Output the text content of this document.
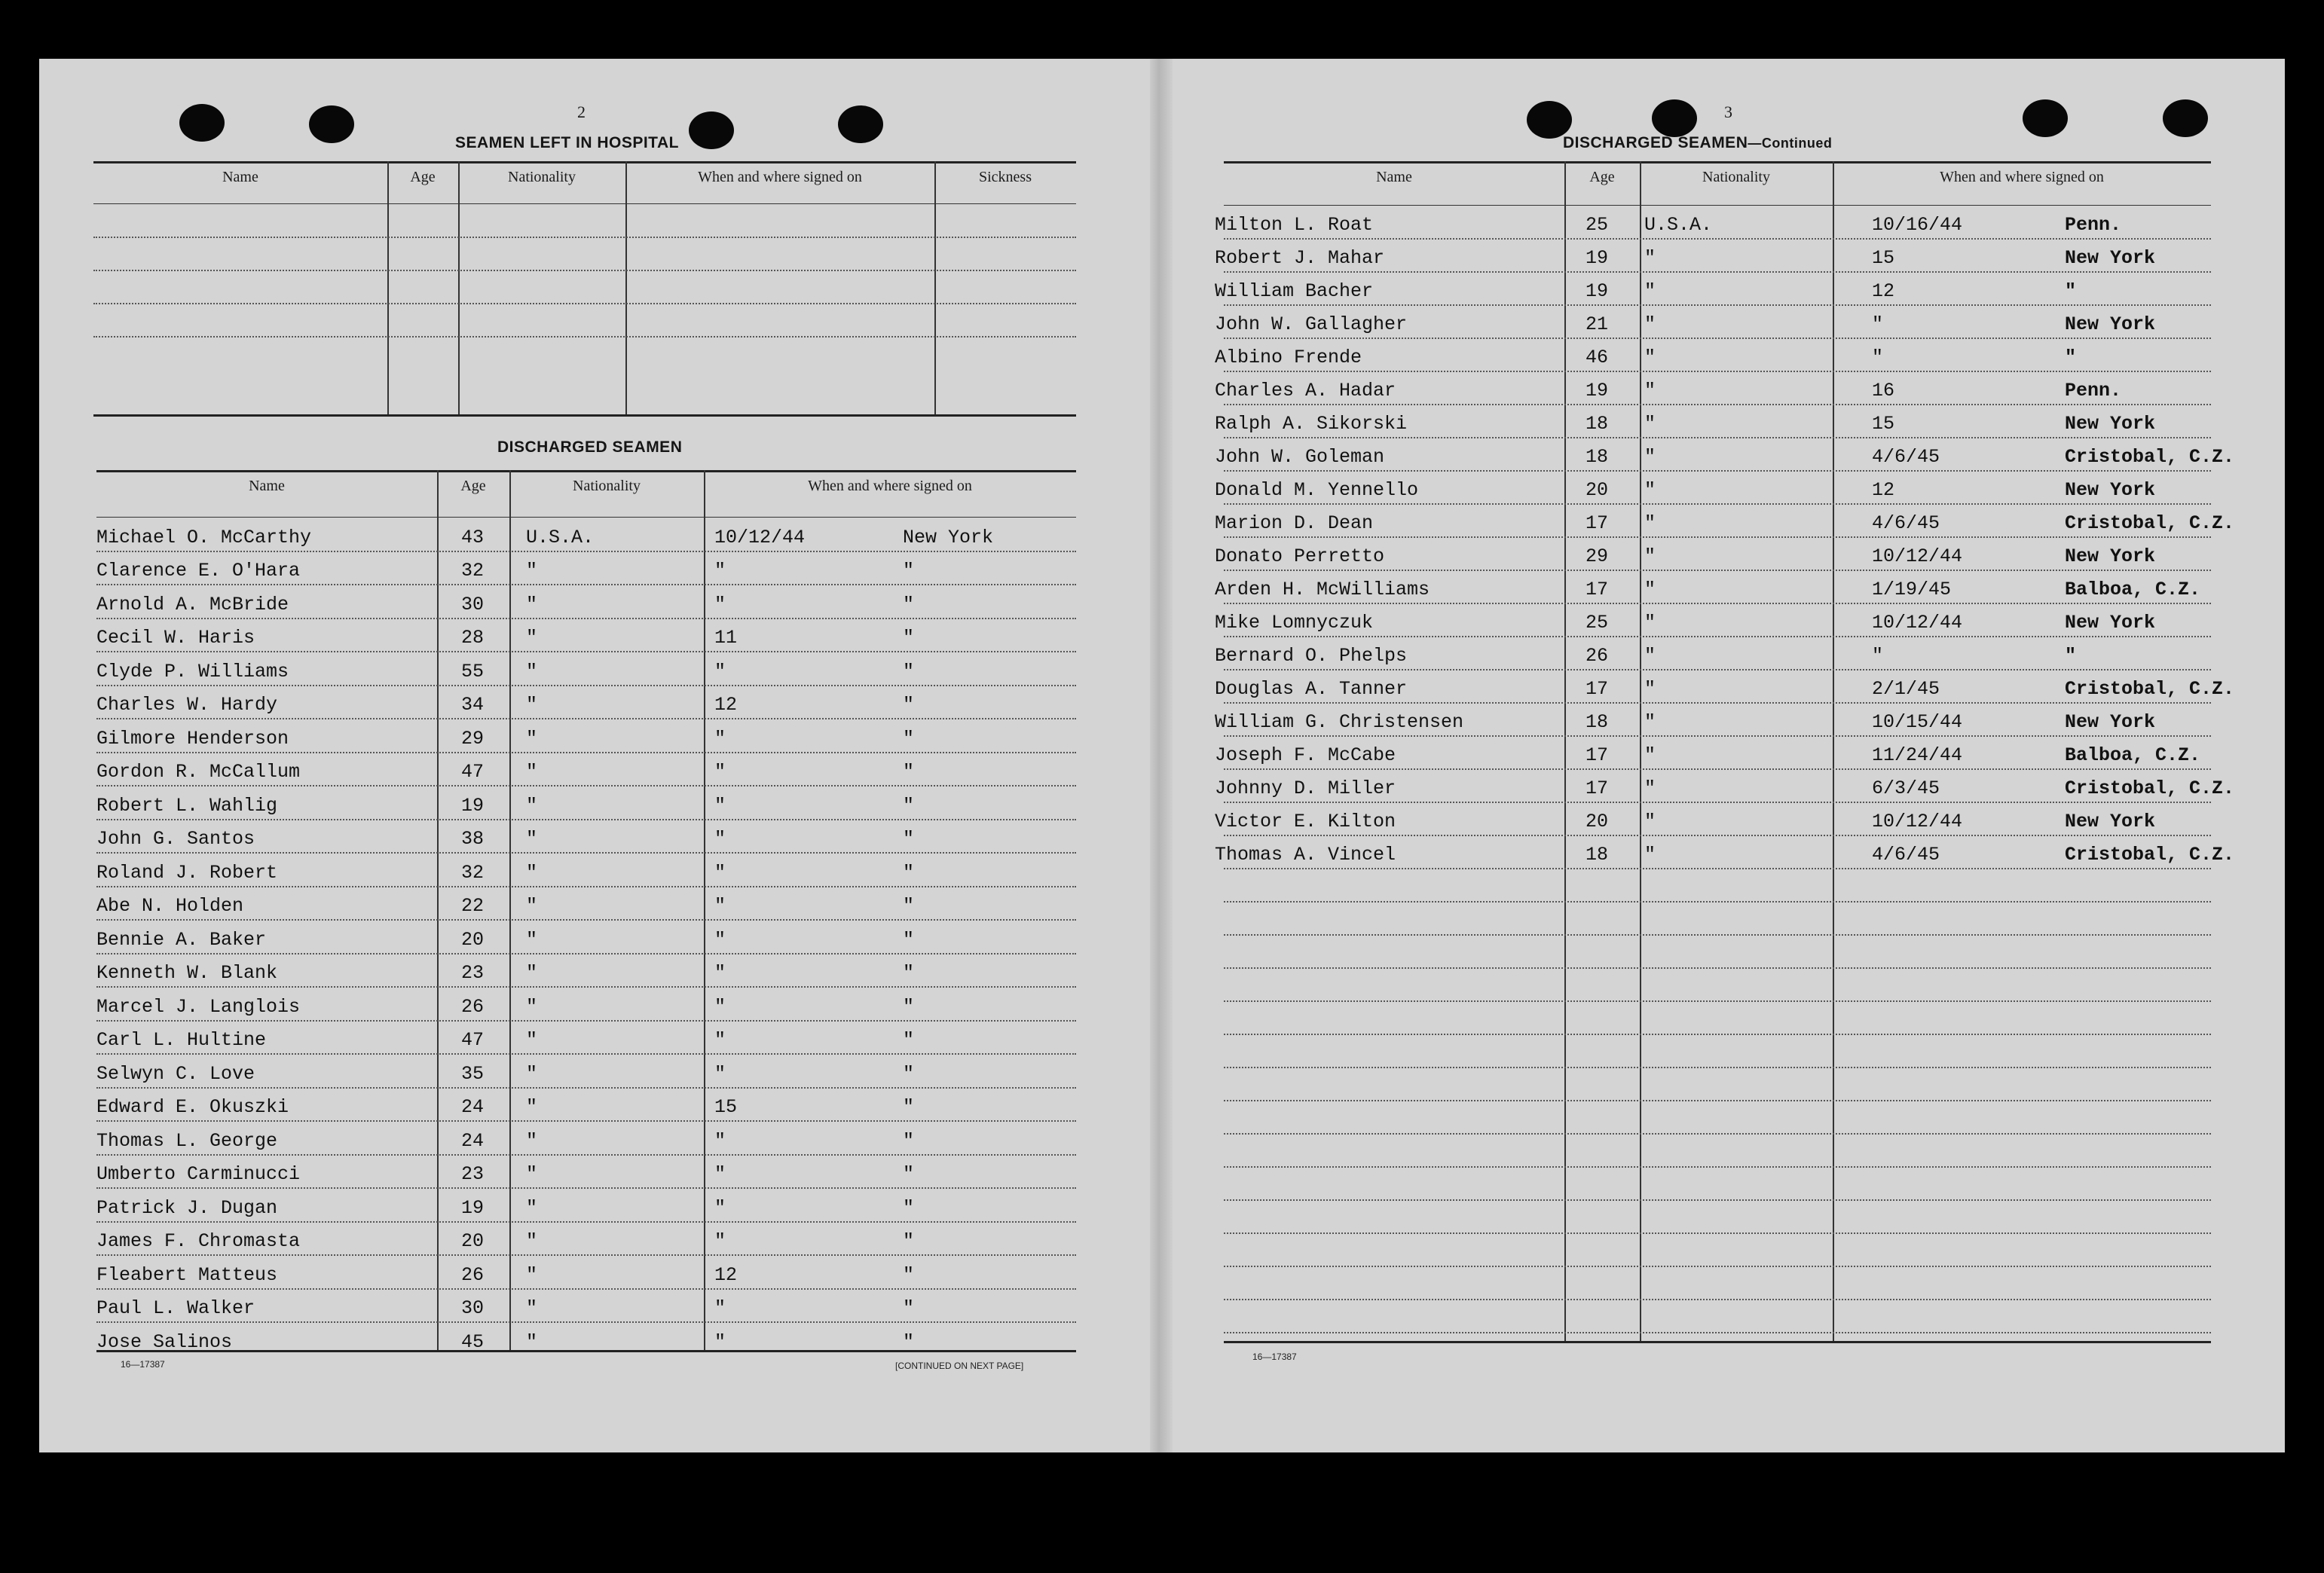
2
SEAMEN LEFT IN HOSPITAL
Name	Age	Nationality	When and where signed on	Sickness
DISCHARGED SEAMEN
Name	Age	Nationality	When and where signed on
Michael O. McCarthy	43 U.S.A.	10/12/44	New York
Clarence E. O'Hara	32 "	"	"
Arnold A. McBride	30 "	"	"
Cecil W. Haris	28 "	11	"
Clyde P. Williams	55 "	"	"
Charles W. Hardy	34 "	12	"
Gilmore Henderson	29 "	"	"
Gordon R. McCallum	47 "	"	"
Robert L. Wahlig	19 "	"	"
John G. Santos	38 "	"	"
Roland J. Robert	32 "	"	"
Abe N. Holden	22 "	"	"
Bennie A. Baker	20 "	"	"
Kenneth W. Blank	23 "	"	"
Marcel J. Langlois	26 "	"	"
Carl L. Hultine	47 "	"	"
Selwyn C. Love	35 "	"	"
Edward E. Okuszki	24 "	15	"
Thomas L. George	24 "	"	"
Umberto Carminucci	23 "	"	"
Patrick J. Dugan	19 "	"	"
James F. Chromasta	20 "	"	"
Fleabert Matteus	26 "	12	"
Paul L. Walker	30 "	"	"
Jose Salinos	45 "	"	"
16—17387	[CONTINUED ON NEXT PAGE]
3
DISCHARGED SEAMEN—Continued
Name	Age	Nationality	When and where signed on
Milton L. Roat	25 U.S.A.	10/16/44	Penn.
Robert J. Mahar	19 "	15	New York
William Bacher	19 "	12	"
John W. Gallagher	21 "	"	New York
Albino Frende	46 "	"	"
Charles A. Hadar	19 "	16	Penn.
Ralph A. Sikorski	18 "	15	New York
John W. Goleman	18 "	4/6/45	Cristobal, C.Z.
Donald M. Yennello	20 "	12	New York
Marion D. Dean	17 "	4/6/45	Cristobal, C.Z.
Donato Perretto	29 "	10/12/44	New York
Arden H. McWilliams	17 "	1/19/45	Balboa, C.Z.
Mike Lomnyczuk	25 "	10/12/44	New York
Bernard O. Phelps	26 "	"	"
Douglas A. Tanner	17 "	2/1/45	Cristobal, C.Z.
William G. Christensen	18 "	10/15/44	New York
Joseph F. McCabe	17 "	11/24/44	Balboa, C.Z.
Johnny D. Miller	17 "	6/3/45	Cristobal, C.Z.
Victor E. Kilton	20 "	10/12/44	New York
Thomas A. Vincel	18 "	4/6/45	Cristobal, C.Z.
16—17387
